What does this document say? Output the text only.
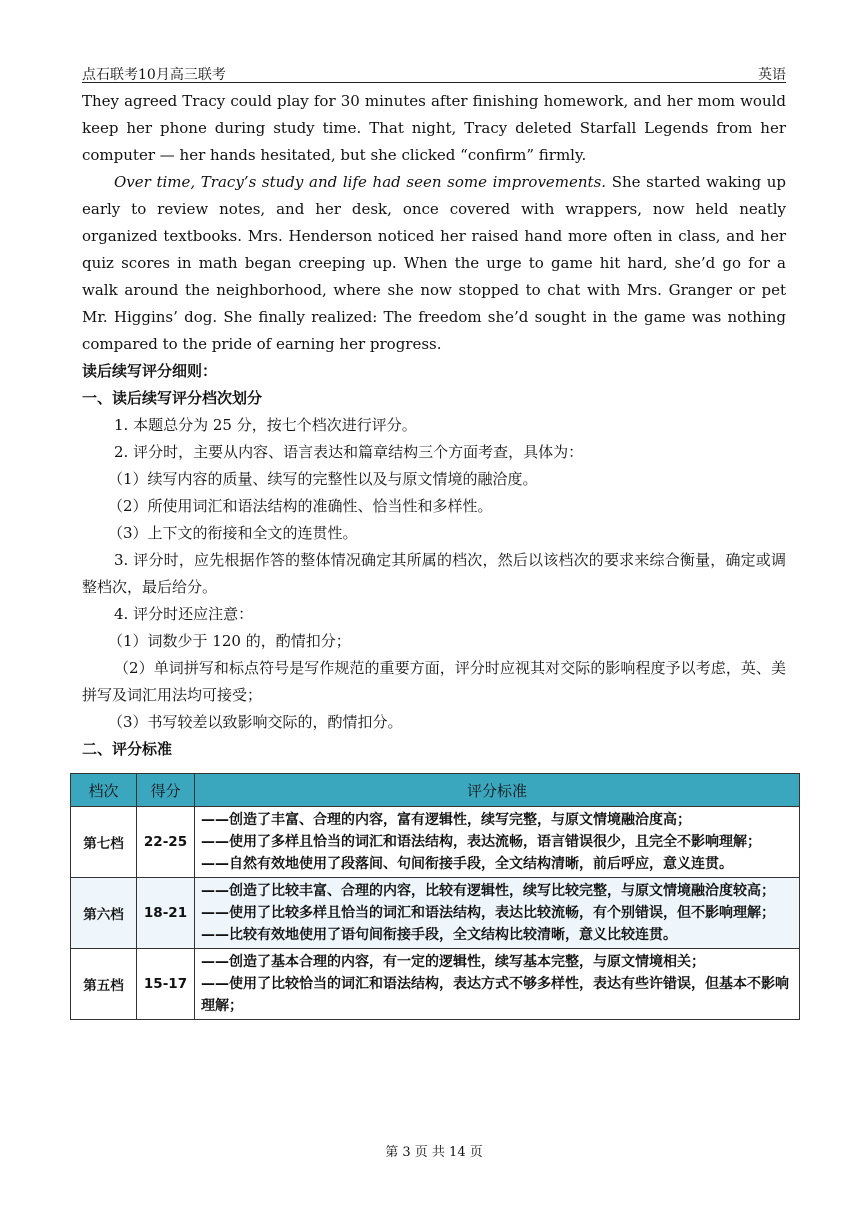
点石联考10月高三联考	英语

They agreed Tracy could play for 30 minutes after finishing homework, and her mom would keep her phone during study time. That night, Tracy deleted Starfall Legends from her computer — her hands hesitated, but she clicked “confirm” firmly.

Over time, Tracy’s study and life had seen some improvements. She started waking up early to review notes, and her desk, once covered with wrappers, now held neatly organized textbooks. Mrs. Henderson noticed her raised hand more often in class, and her quiz scores in math began creeping up. When the urge to game hit hard, she’d go for a walk around the neighborhood, where she now stopped to chat with Mrs. Granger or pet Mr. Higgins’ dog. She finally realized: The freedom she’d sought in the game was nothing compared to the pride of earning her progress.

读后续写评分细则：

一、读后续写评分档次划分

1. 本题总分为 25 分，按七个档次进行评分。

2. 评分时，主要从内容、语言表达和篇章结构三个方面考查，具体为：

（1）续写内容的质量、续写的完整性以及与原文情境的融洽度。

（2）所使用词汇和语法结构的准确性、恰当性和多样性。

（3）上下文的衔接和全文的连贯性。

3. 评分时，应先根据作答的整体情况确定其所属的档次，然后以该档次的要求来综合衡量，确定或调整档次，最后给分。

4. 评分时还应注意：

（1）词数少于 120 的，酌情扣分；

（2）单词拼写和标点符号是写作规范的重要方面，评分时应视其对交际的影响程度予以考虑，英、美拼写及词汇用法均可接受；

（3）书写较差以致影响交际的，酌情扣分。

二、评分标准

档次	得分	评分标准
第七档	22-25	——创造了丰富、合理的内容，富有逻辑性，续写完整，与原文情境融洽度高；
——使用了多样且恰当的词汇和语法结构，表达流畅，语言错误很少，且完全不影响理解；
——自然有效地使用了段落间、句间衔接手段，全文结构清晰，前后呼应，意义连贯。

第六档	18-21	——创造了比较丰富、合理的内容，比较有逻辑性，续写比较完整，与原文情境融洽度较高；
——使用了比较多样且恰当的词汇和语法结构，表达比较流畅，有个别错误，但不影响理解；
——比较有效地使用了语句间衔接手段，全文结构比较清晰，意义比较连贯。

第五档	15-17	——创造了基本合理的内容，有一定的逻辑性，续写基本完整，与原文情境相关；
——使用了比较恰当的词汇和语法结构，表达方式不够多样性，表达有些许错误，但基本不影响理解；
第 3 页 共 14 页
